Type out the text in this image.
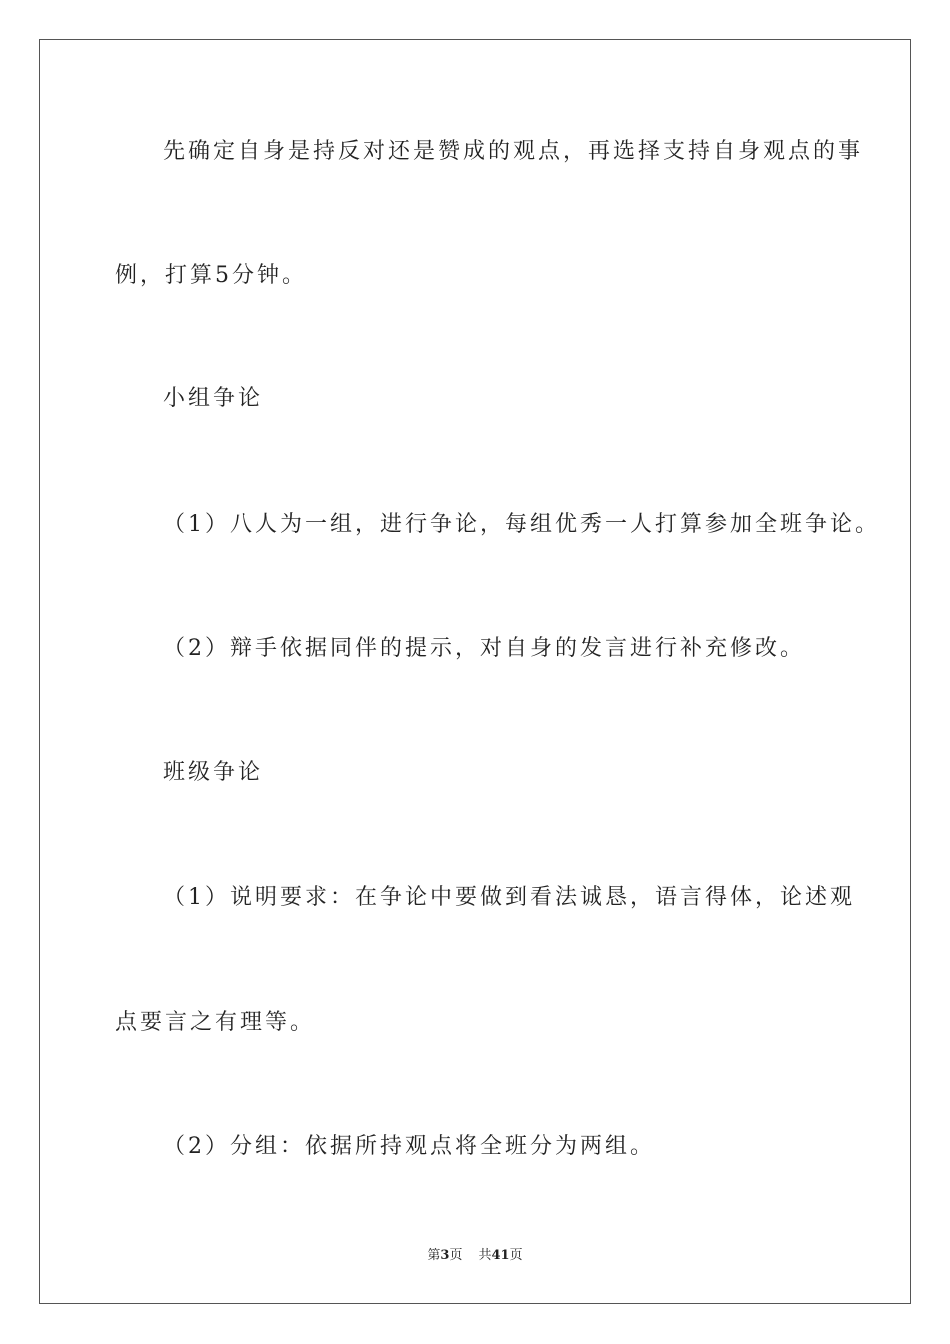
先确定自身是持反对还是赞成的观点，再选择支持自身观点的事
例，打算5分钟。
小组争论
（1）八人为一组，进行争论，每组优秀一人打算参加全班争论。
（2）辩手依据同伴的提示，对自身的发言进行补充修改。
班级争论
（1）说明要求：在争论中要做到看法诚恳，语言得体，论述观
点要言之有理等。
（2）分组：依据所持观点将全班分为两组。
第3页 共41页
